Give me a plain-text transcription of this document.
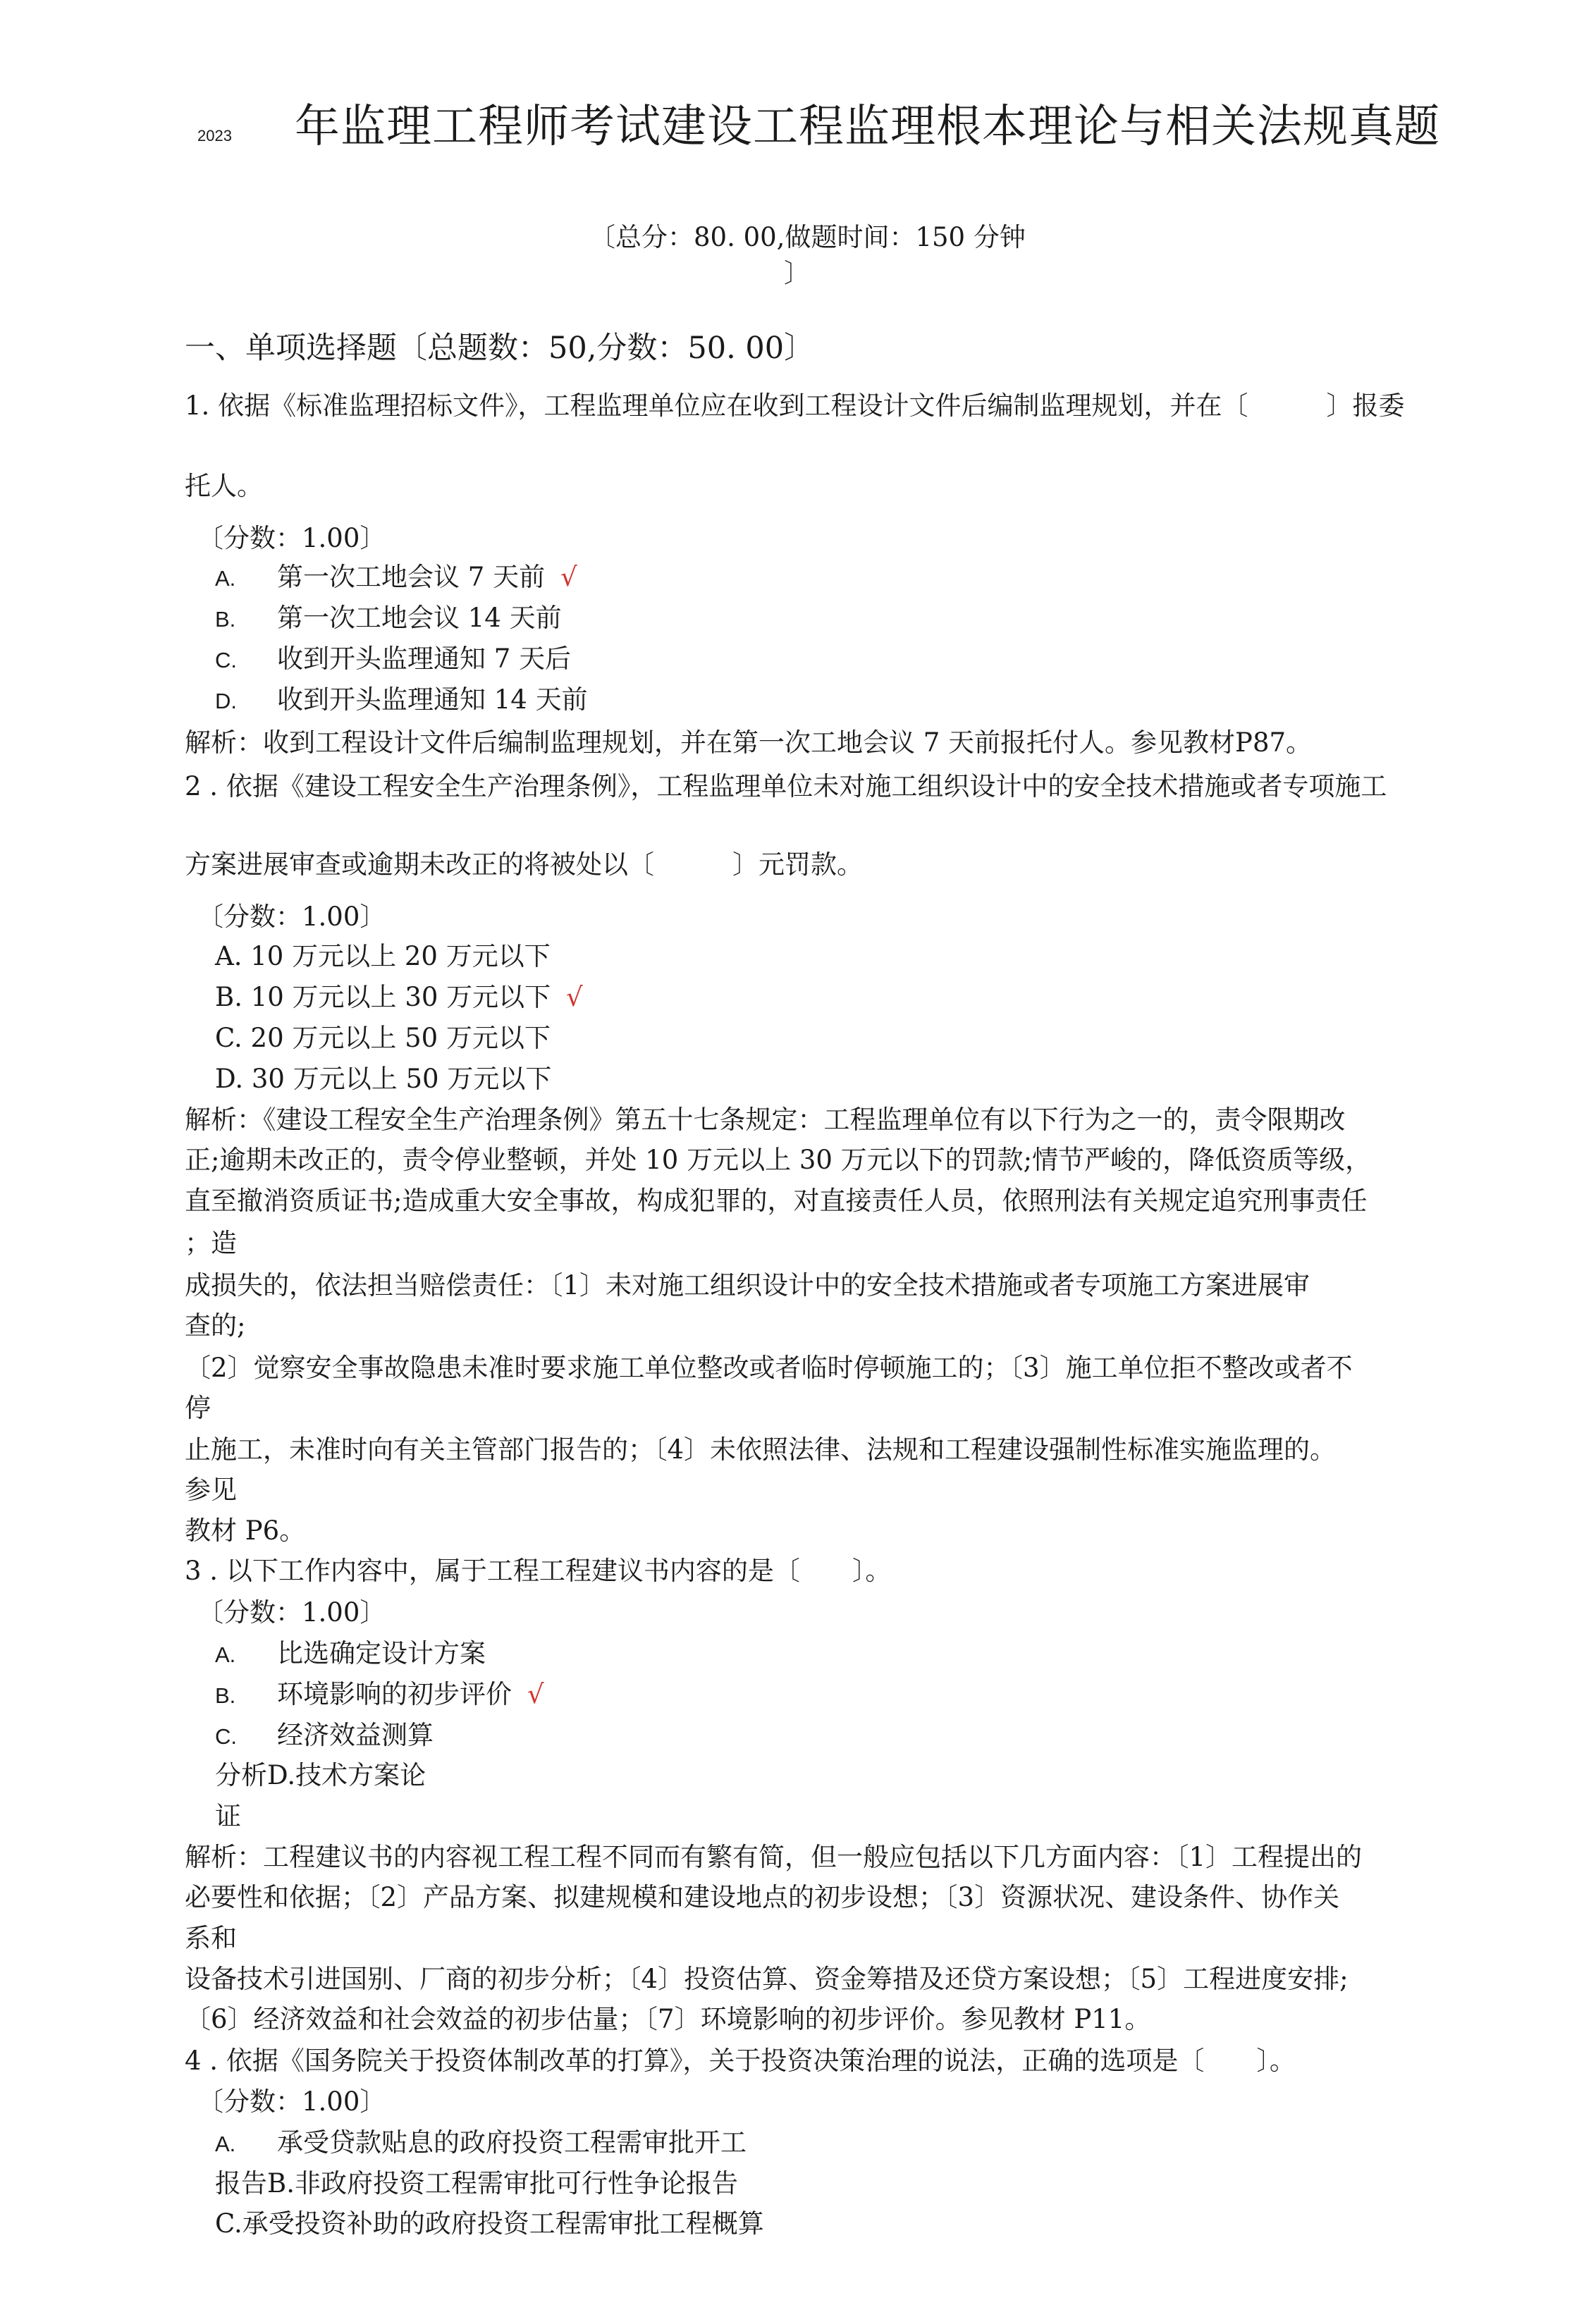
2023 年监理工程师考试建设工程监理根本理论与相关法规真题
〔总分：80. 00,做题时间：150 分钟
〕
一、单项选择题〔总题数：50,分数：50. 00〕
1. 依据《标准监理招标文件》，工程监理单位应在收到工程设计文件后编制监理规划，并在〔　　　〕报委
托人。
〔分数：1.00〕
A. 第一次工地会议 7 天前 √
B. 第一次工地会议 14 天前
C. 收到开头监理通知 7 天后
D. 收到开头监理通知 14 天前
解析：收到工程设计文件后编制监理规划，并在第一次工地会议 7 天前报托付人。参见教材P87。
2 . 依据《建设工程安全生产治理条例》，工程监理单位未对施工组织设计中的安全技术措施或者专项施工
方案进展审查或逾期未改正的将被处以〔　　　〕元罚款。
〔分数：1.00〕
A. 10 万元以上 20 万元以下
B. 10 万元以上 30 万元以下 √
C. 20 万元以上 50 万元以下
D. 30 万元以上 50 万元以下
解析：《建设工程安全生产治理条例》第五十七条规定：工程监理单位有以下行为之一的，责令限期改
正;逾期未改正的，责令停业整顿，并处 10 万元以上 30 万元以下的罚款;情节严峻的，降低资质等级，
直至撤消资质证书;造成重大安全事故，构成犯罪的，对直接责任人员，依照刑法有关规定追究刑事责任
；造
成损失的，依法担当赔偿责任：〔1〕未对施工组织设计中的安全技术措施或者专项施工方案进展审
查的;
〔2〕觉察安全事故隐患未准时要求施工单位整改或者临时停顿施工的；〔3〕施工单位拒不整改或者不
停
止施工，未准时向有关主管部门报告的；〔4〕未依照法律、法规和工程建设强制性标准实施监理的。
参见
教材 P6。
3 . 以下工作内容中，属于工程工程建议书内容的是〔　　〕。
〔分数：1.00〕
A. 比选确定设计方案
B. 环境影响的初步评价 √
C. 经济效益测算
分析D.技术方案论
证
解析：工程建议书的内容视工程工程不同而有繁有简，但一般应包括以下几方面内容：〔1〕工程提出的
必要性和依据；〔2〕产品方案、拟建规模和建设地点的初步设想；〔3〕资源状况、建设条件、协作关
系和
设备技术引进国别、厂商的初步分析；〔4〕投资估算、资金筹措及还贷方案设想；〔5〕工程进度安排;
〔6〕经济效益和社会效益的初步估量；〔7〕环境影响的初步评价。参见教材 P11。
4 . 依据《国务院关于投资体制改革的打算》，关于投资决策治理的说法，正确的选项是〔　　〕。
〔分数：1.00〕
A. 承受贷款贴息的政府投资工程需审批开工
报告B.非政府投资工程需审批可行性争论报告
C.承受投资补助的政府投资工程需审批工程概算
